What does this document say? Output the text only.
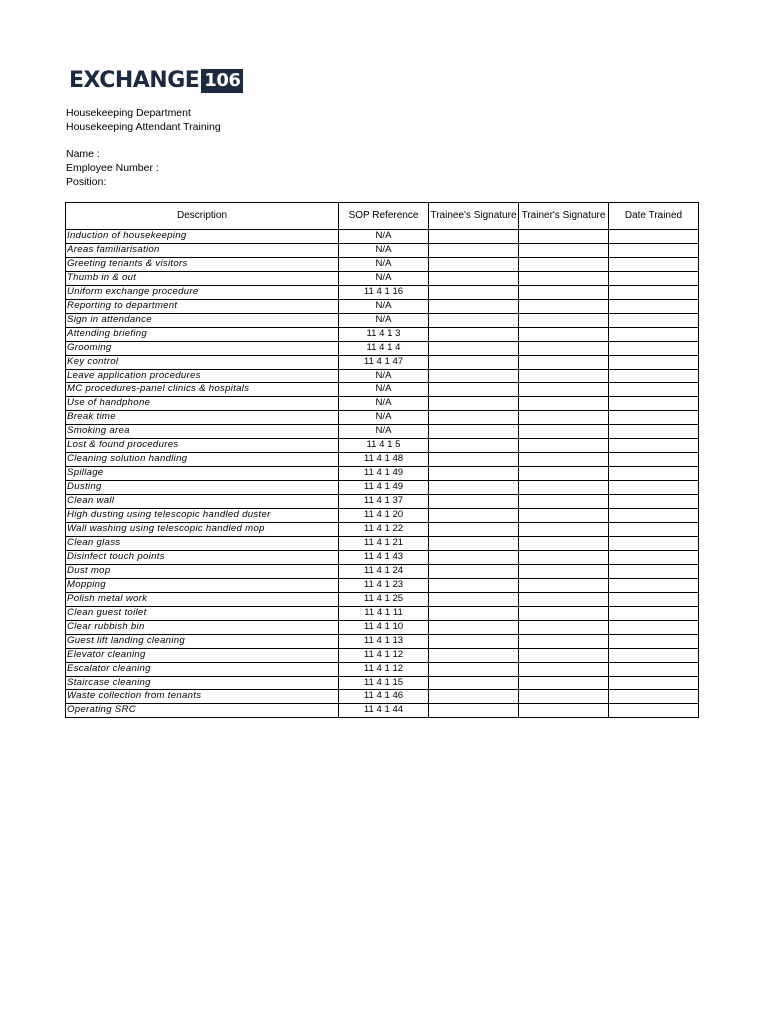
EXCHANGE 106
Housekeeping Department
Housekeeping Attendant Training
Name :
Employee Number :
Position:
Description	SOP Reference	Trainee's Signature	Trainer's Signature	Date Trained
Induction of housekeeping	N/A			
Areas familiarisation	N/A			
Greeting tenants & visitors	N/A			
Thumb in & out	N/A			
Uniform exchange procedure	11 4 1 16			
Reporting to department	N/A			
Sign in attendance	N/A			
Attending briefing	11 4 1 3			
Grooming	11 4 1 4			
Key control	11 4 1 47			
Leave application procedures	N/A			
MC procedures-panel clinics & hospitals	N/A			
Use of handphone	N/A			
Break time	N/A			
Smoking area	N/A			
Lost & found procedures	11 4 1 5			
Cleaning solution handling	11 4 1 48			
Spillage	11 4 1 49			
Dusting	11 4 1 49			
Clean wall	11 4 1 37			
High dusting using telescopic handled duster	11 4 1 20			
Wall washing using telescopic handled mop	11 4 1 22			
Clean glass	11 4 1 21			
Disinfect touch points	11 4 1 43			
Dust mop	11 4 1 24			
Mopping	11 4 1 23			
Polish metal work	11 4 1 25			
Clean guest toilet	11 4 1 11			
Clear rubbish bin	11 4 1 10			
Guest lift landing cleaning	11 4 1 13			
Elevator cleaning	11 4 1 12			
Escalator cleaning	11 4 1 12			
Staircase cleaning	11 4 1 15			
Waste collection from tenants	11 4 1 46			
Operating SRC	11 4 1 44			
